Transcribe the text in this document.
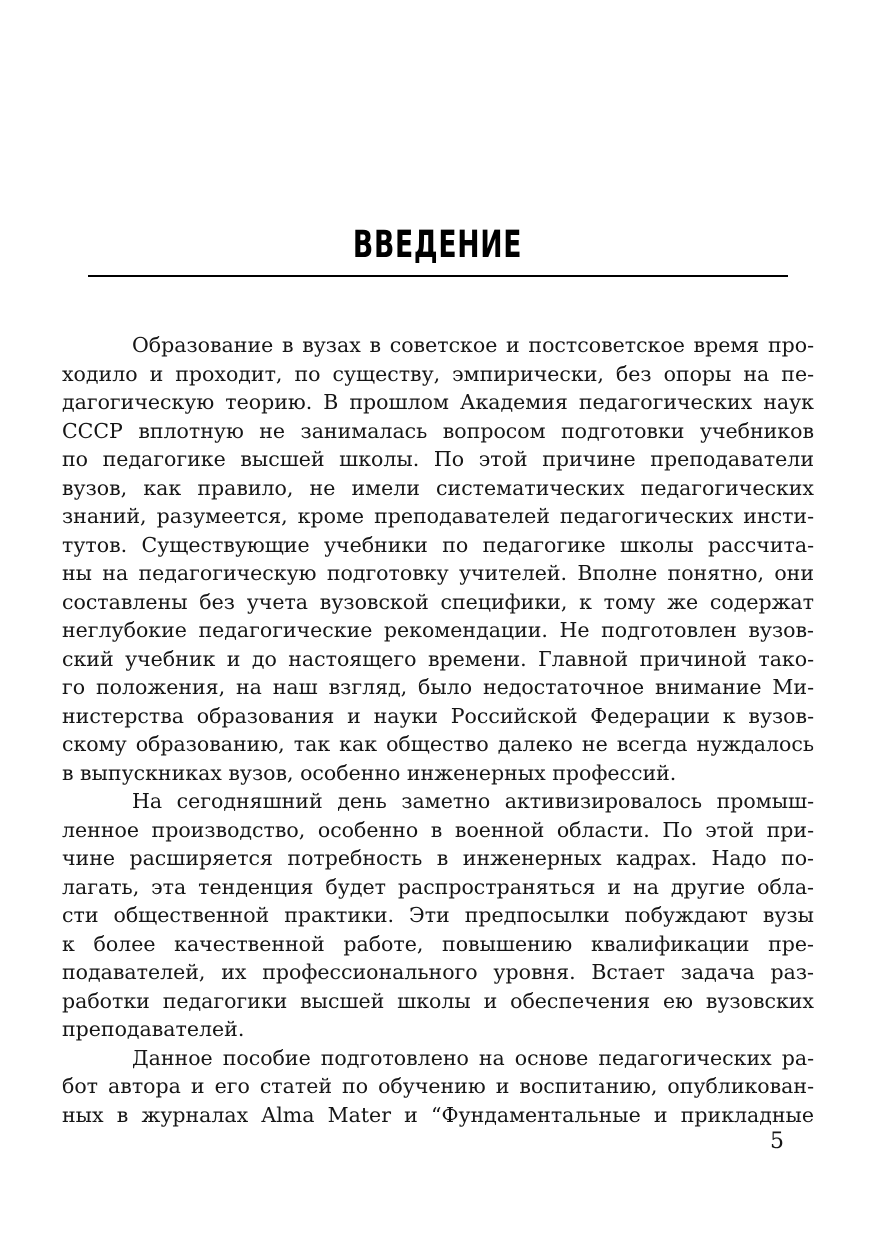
ВВЕДЕНИЕ
Образование в вузах в советское и постсоветское время про-
ходило и проходит, по существу, эмпирически, без опоры на пе-
дагогическую теорию. В прошлом Академия педагогических наук
СССР вплотную не занималась вопросом подготовки учебников
по педагогике высшей школы. По этой причине преподаватели
вузов, как правило, не имели систематических педагогических
знаний, разумеется, кроме преподавателей педагогических инсти-
тутов. Существующие учебники по педагогике школы рассчита-
ны на педагогическую подготовку учителей. Вполне понятно, они
составлены без учета вузовской специфики, к тому же содержат
неглубокие педагогические рекомендации. Не подготовлен вузов-
ский учебник и до настоящего времени. Главной причиной тако-
го положения, на наш взгляд, было недостаточное внимание Ми-
нистерства образования и науки Российской Федерации к вузов-
скому образованию, так как общество далеко не всегда нуждалось
в выпускниках вузов, особенно инженерных профессий.
На сегодняшний день заметно активизировалось промыш-
ленное производство, особенно в военной области. По этой при-
чине расширяется потребность в инженерных кадрах. Надо по-
лагать, эта тенденция будет распространяться и на другие обла-
сти общественной практики. Эти предпосылки побуждают вузы
к более качественной работе, повышению квалификации пре-
подавателей, их профессионального уровня. Встает задача раз-
работки педагогики высшей школы и обеспечения ею вузовских
преподавателей.
Данное пособие подготовлено на основе педагогических ра-
бот автора и его статей по обучению и воспитанию, опубликован-
ных в журналах Alma Mater и “Фундаментальные и прикладные
5
